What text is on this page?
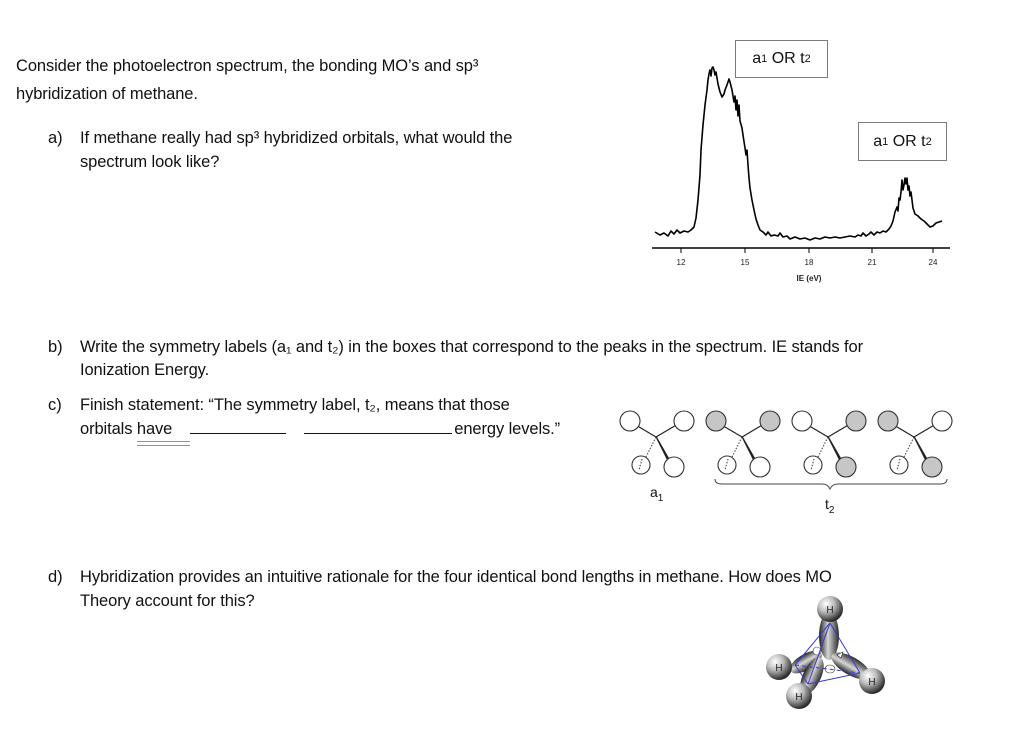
Consider the photoelectron spectrum, the bonding MO’s and sp³
hybridization of methane.
a) If methane really had sp³ hybridized orbitals, what would the
spectrum look like?
12	15	18	21	24
IE (eV)
a 1 OR t 2
a 1 OR t 2
b) Write the symmetry labels (a₁ and t₂) in the boxes that correspond to the peaks in the spectrum. IE stands for
Ionization Energy.
c) Finish statement: “The symmetry label, t₂, means that those
orbitals have	energy levels.”
$a_1$	$t_2$
d) Hybridization provides an intuitive rationale for the four identical bond lengths in methane. How does MO
Theory account for this?
H
H
H
H
